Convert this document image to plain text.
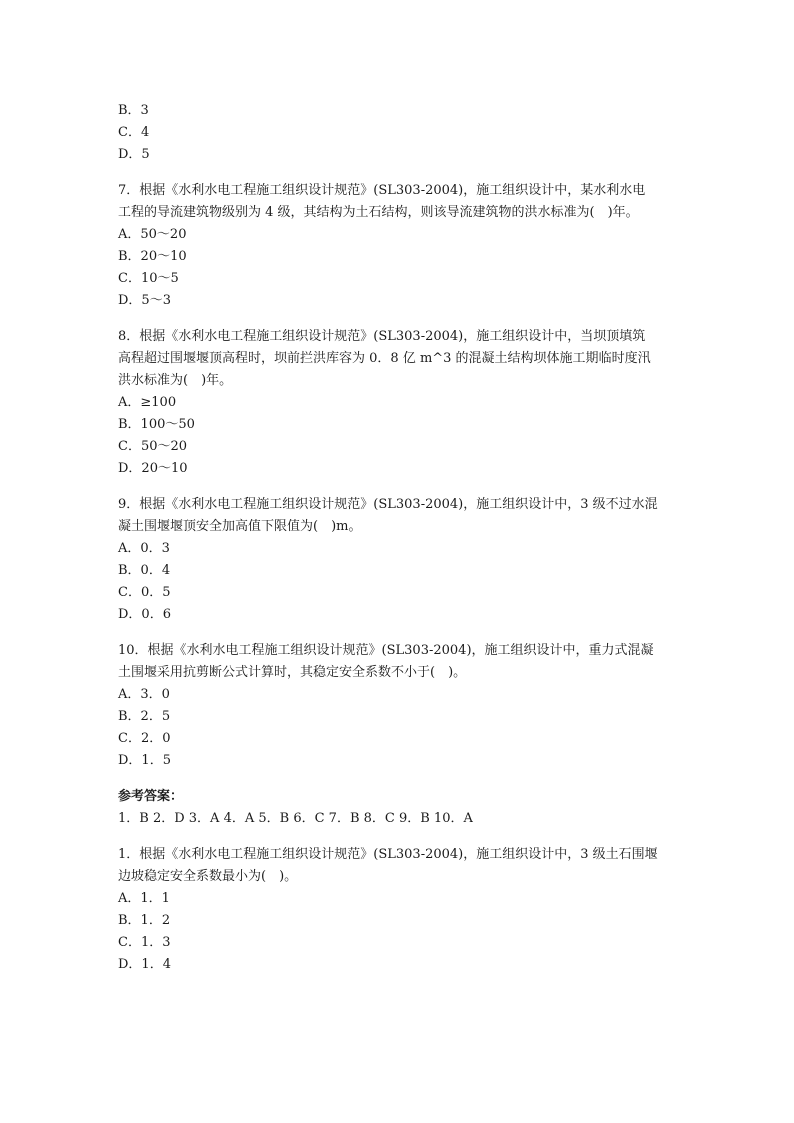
B．3

C．4

D．5

7．根据《水利水电工程施工组织设计规范》(SL303-2004)，施工组织设计中，某水利水电

工程的导流建筑物级别为 4 级，其结构为土石结构，则该导流建筑物的洪水标准为(　)年。

A．50～20

B．20～10

C．10～5

D．5～3

8．根据《水利水电工程施工组织设计规范》(SL303-2004)，施工组织设计中，当坝顶填筑

高程超过围堰堰顶高程时，坝前拦洪库容为 0．8 亿 m^3 的混凝土结构坝体施工期临时度汛

洪水标准为(　)年。

A．≥100

B．100～50

C．50～20

D．20～10

9．根据《水利水电工程施工组织设计规范》(SL303-2004)，施工组织设计中，3 级不过水混

凝土围堰堰顶安全加高值下限值为(　)m。

A．0．3

B．0．4

C．0．5

D．0．6

10．根据《水利水电工程施工组织设计规范》(SL303-2004)，施工组织设计中，重力式混凝

土围堰采用抗剪断公式计算时，其稳定安全系数不小于(　)。

A．3．0

B．2．5

C．2．0

D．1．5

参考答案：

1．B 2．D 3．A 4．A 5．B 6．C 7．B 8．C 9．B 10．A

1．根据《水利水电工程施工组织设计规范》(SL303-2004)，施工组织设计中，3 级土石围堰

边坡稳定安全系数最小为(　)。

A．1．1

B．1．2

C．1．3

D．1．4
